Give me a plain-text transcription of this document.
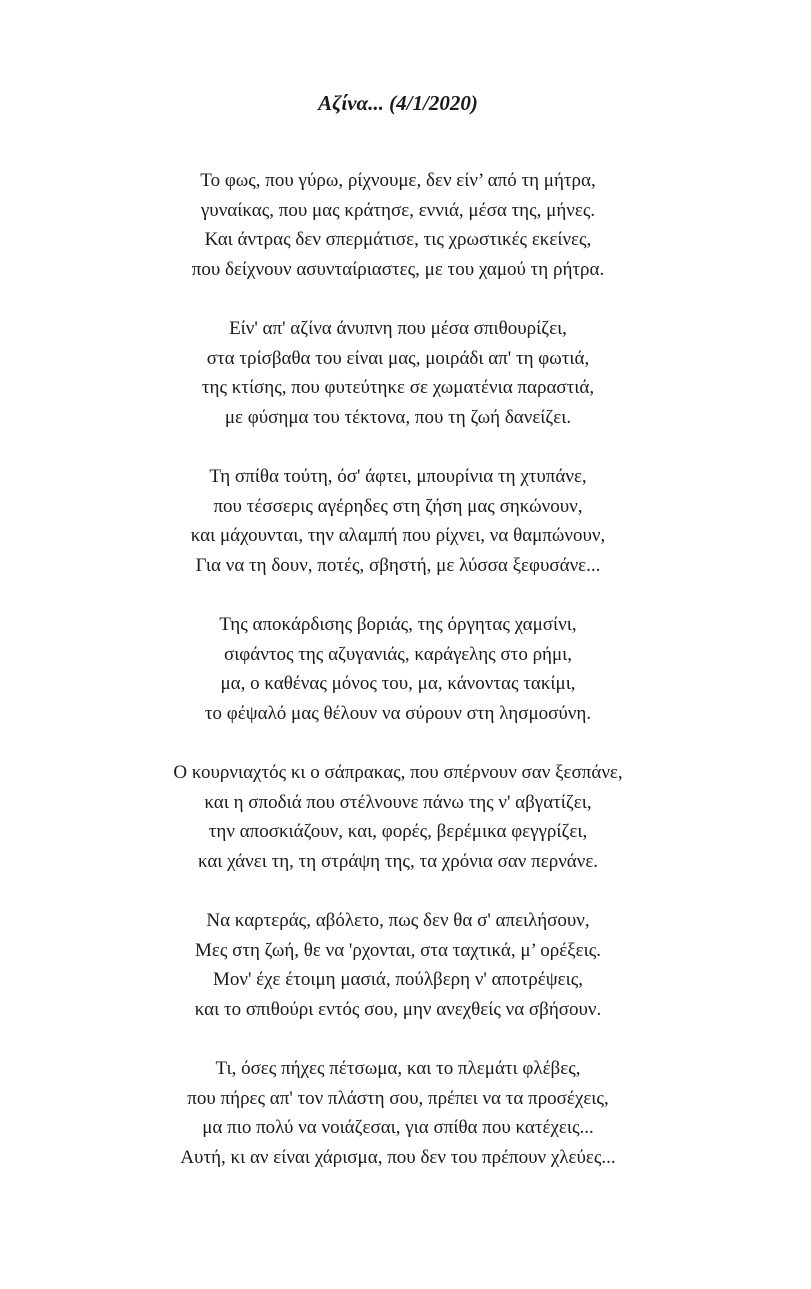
Αζίνα... (4/1/2020)
Το φως, που γύρω, ρίχνουμε, δεν είν’ από τη μήτρα,
γυναίκας, που μας κράτησε, εννιά, μέσα της, μήνες.
Και άντρας δεν σπερμάτισε, τις χρωστικές εκείνες,
που δείχνουν ασυνταίριαστες, με του χαμού τη ρήτρα.
Είν' απ' αζίνα άνυπνη που μέσα σπιθουρίζει,
στα τρίσβαθα του είναι μας, μοιράδι απ' τη φωτιά,
της κτίσης, που φυτεύτηκε σε χωματένια παραστιά,
με φύσημα του τέκτονα, που τη ζωή δανείζει.
Τη σπίθα τούτη, όσ' άφτει, μπουρίνια τη χτυπάνε,
που τέσσερις αγέρηδες στη ζήση μας σηκώνουν,
και μάχουνται, την αλαμπή που ρίχνει, να θαμπώνουν,
Για να τη δουν, ποτές, σβηστή, με λύσσα ξεφυσάνε...
Της αποκάρδισης βοριάς, της όργητας χαμσίνι,
σιφάντος της αζυγανιάς, καράγελης στο ρήμι,
μα, ο καθένας μόνος του, μα, κάνοντας τακίμι,
το φέψαλό μας θέλουν να σύρουν στη λησμοσύνη.
Ο κουρνιαχτός κι ο σάπρακας, που σπέρνουν σαν ξεσπάνε,
και η σποδιά που στέλνουνε πάνω της ν' αβγατίζει,
την αποσκιάζουν, και, φορές, βερέμικα φεγγρίζει,
και χάνει τη, τη στράψη της, τα χρόνια σαν περνάνε.
Να καρτεράς, αβόλετο, πως δεν θα σ' απειλήσουν,
Μες στη ζωή, θε να 'ρχονται, στα ταχτικά, μ’ ορέξεις.
Μον' έχε έτοιμη μασιά, πούλβερη ν' αποτρέψεις,
και το σπιθούρι εντός σου, μην ανεχθείς να σβήσουν.
Τι, όσες πήχες πέτσωμα, και το πλεμάτι φλέβες,
που πήρες απ' τον πλάστη σου, πρέπει να τα προσέχεις,
μα πιο πολύ να νοιάζεσαι, για σπίθα που κατέχεις...
Αυτή, κι αν είναι χάρισμα, που δεν του πρέπουν χλεύες...
